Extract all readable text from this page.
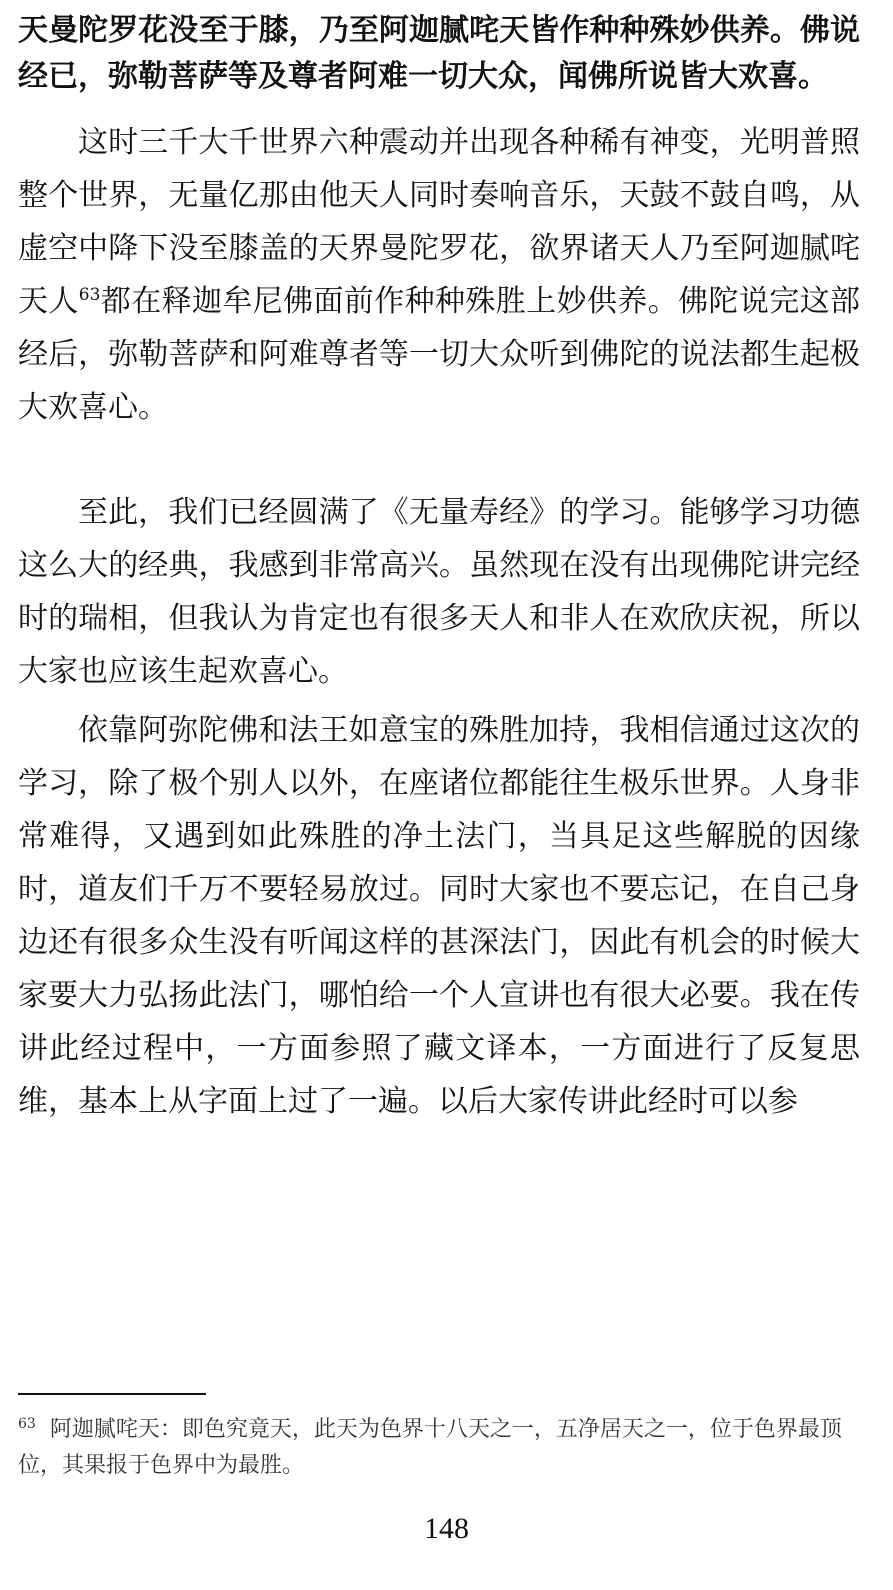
天曼陀罗花没至于膝，乃至阿迦腻咤天皆作种种殊妙供养。佛说经已，弥勒菩萨等及尊者阿难一切大众，闻佛所说皆大欢喜。

这时三千大千世界六种震动并出现各种稀有神变，光明普照整个世界，无量亿那由他天人同时奏响音乐，天鼓不鼓自鸣，从虚空中降下没至膝盖的天界曼陀罗花，欲界诸天人乃至阿迦腻咤天人$^{63}$都在释迦牟尼佛面前作种种殊胜上妙供养。佛陀说完这部经后，弥勒菩萨和阿难尊者等一切大众听到佛陀的说法都生起极大欢喜心。

至此，我们已经圆满了《无量寿经》的学习。能够学习功德这么大的经典，我感到非常高兴。虽然现在没有出现佛陀讲完经时的瑞相，但我认为肯定也有很多天人和非人在欢欣庆祝，所以大家也应该生起欢喜心。

依靠阿弥陀佛和法王如意宝的殊胜加持，我相信通过这次的学习，除了极个别人以外，在座诸位都能往生极乐世界。人身非常难得，又遇到如此殊胜的净土法门，当具足这些解脱的因缘时，道友们千万不要轻易放过。同时大家也不要忘记，在自己身边还有很多众生没有听闻这样的甚深法门，因此有机会的时候大家要大力弘扬此法门，哪怕给一个人宣讲也有很大必要。我在传讲此经过程中，一方面参照了藏文译本，一方面进行了反复思维，基本上从字面上过了一遍。以后大家传讲此经时可以参

$^{63}$ 阿迦腻咤天：即色究竟天，此天为色界十八天之一，五净居天之一，位于色界最顶位，其果报于色界中为最胜。

148
